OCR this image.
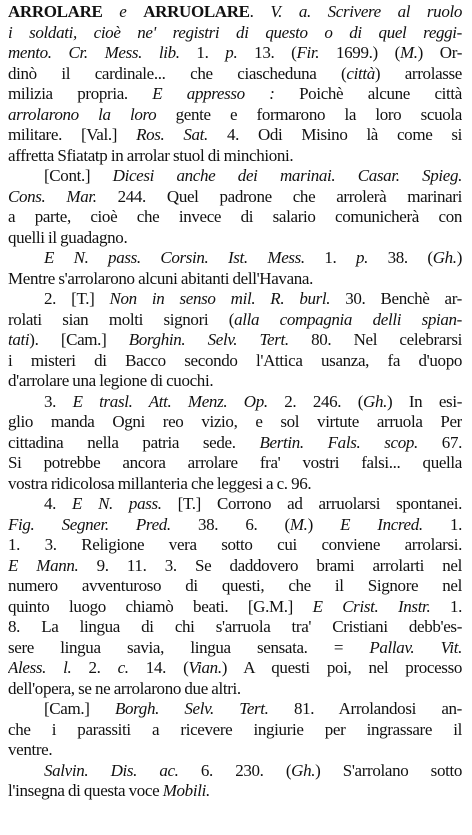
ARROLARE e ARRUOLARE. V. a. Scrivere al ruolo
i soldati, cioè ne' registri di questo o di quel reggi-
mento. Cr. Mess. lib. 1. p. 13. (Fir. 1699.) (M.) Or-
dinò il cardinale... che ciascheduna (città) arrolasse
milizia propria. E appresso : Poichè alcune città
arrolarono la loro gente e formarono la loro scuola
militare. [Val.] Ros. Sat. 4. Odi Misino là come si
affretta Sfiatatp in arrolar stuol di minchioni.
[Cont.] Dicesi anche dei marinai. Casar. Spieg.
Cons. Mar. 244. Quel padrone che arrolerà marinari
a parte, cioè che invece di salario comunicherà con
quelli il guadagno.
E N. pass. Corsin. Ist. Mess. 1. p. 38. (Gh.)
Mentre s'arrolarono alcuni abitanti dell'Havana.
2. [T.] Non in senso mil. R. burl. 30. Benchè ar-
rolati sian molti signori (alla compagnia delli spian-
tati). [Cam.] Borghin. Selv. Tert. 80. Nel celebrarsi
i misteri di Bacco secondo l'Attica usanza, fa d'uopo
d'arrolare una legione di cuochi.
3. E trasl. Att. Menz. Op. 2. 246. (Gh.) In esi-
glio manda Ogni reo vizio, e sol virtute arruola Per
cittadina nella patria sede. Bertin. Fals. scop. 67.
Si potrebbe ancora arrolare fra' vostri falsi... quella
vostra ridicolosa millanteria che leggesi a c. 96.
4. E N. pass. [T.] Corrono ad arruolarsi spontanei.
Fig. Segner. Pred. 38. 6. (M.) E Incred. 1.
1. 3. Religione vera sotto cui conviene arrolarsi.
E Mann. 9. 11. 3. Se daddovero brami arrolarti nel
numero avventuroso di questi, che il Signore nel
quinto luogo chiamò beati. [G.M.] E Crist. Instr. 1.
8. La lingua di chi s'arruola tra' Cristiani debb'es-
sere lingua savia, lingua sensata. = Pallav. Vit.
Aless. l. 2. c. 14. (Vian.) A questi poi, nel processo
dell'opera, se ne arrolarono due altri.
[Cam.] Borgh. Selv. Tert. 81. Arrolandosi an-
che i parassiti a ricevere ingiurie per ingrassare il
ventre.
Salvin. Dis. ac. 6. 230. (Gh.) S'arrolano sotto
l'insegna di questa voce Mobili.
